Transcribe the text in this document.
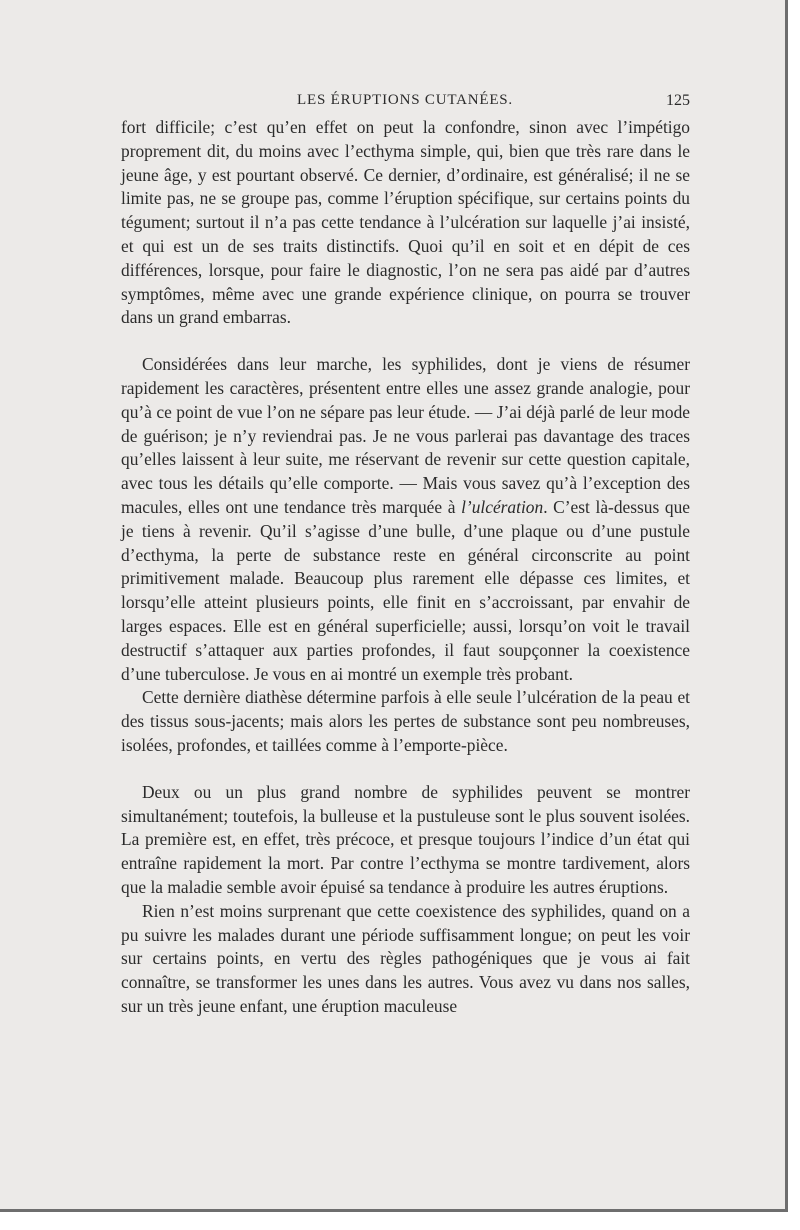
LES ÉRUPTIONS CUTANÉES.	125

fort difficile; c’est qu’en effet on peut la confondre, sinon avec l’impétigo proprement dit, du moins avec l’ecthyma simple, qui, bien que très rare dans le jeune âge, y est pourtant observé. Ce dernier, d’ordinaire, est généralisé; il ne se limite pas, ne se groupe pas, comme l’éruption spécifique, sur certains points du tégument; surtout il n’a pas cette tendance à l’ulcération sur laquelle j’ai insisté, et qui est un de ses traits distinctifs. Quoi qu’il en soit et en dépit de ces différences, lorsque, pour faire le diagnostic, l’on ne sera pas aidé par d’autres symptômes, même avec une grande expérience clinique, on pourra se trouver dans un grand embarras.

Considérées dans leur marche, les syphilides, dont je viens de résumer rapidement les caractères, présentent entre elles une assez grande analogie, pour qu’à ce point de vue l’on ne sépare pas leur étude. — J’ai déjà parlé de leur mode de guérison; je n’y reviendrai pas. Je ne vous parlerai pas davantage des traces qu’elles laissent à leur suite, me réservant de revenir sur cette question capitale, avec tous les détails qu’elle comporte. — Mais vous savez qu’à l’exception des macules, elles ont une tendance très marquée à l’ulcération. C’est là-dessus que je tiens à revenir. Qu’il s’agisse d’une bulle, d’une plaque ou d’une pustule d’ecthyma, la perte de substance reste en général circonscrite au point primitivement malade. Beaucoup plus rarement elle dépasse ces limites, et lorsqu’elle atteint plusieurs points, elle finit en s’accroissant, par envahir de larges espaces. Elle est en général superficielle; aussi, lorsqu’on voit le travail destructif s’attaquer aux parties profondes, il faut soupçonner la coexistence d’une tuberculose. Je vous en ai montré un exemple très probant.

Cette dernière diathèse détermine parfois à elle seule l’ulcération de la peau et des tissus sous-jacents; mais alors les pertes de substance sont peu nombreuses, isolées, profondes, et taillées comme à l’emporte-pièce.

Deux ou un plus grand nombre de syphilides peuvent se montrer simultanément; toutefois, la bulleuse et la pustuleuse sont le plus souvent isolées. La première est, en effet, très précoce, et presque toujours l’indice d’un état qui entraîne rapidement la mort. Par contre l’ecthyma se montre tardivement, alors que la maladie semble avoir épuisé sa tendance à produire les autres éruptions.

Rien n’est moins surprenant que cette coexistence des syphilides, quand on a pu suivre les malades durant une période suffisamment longue; on peut les voir sur certains points, en vertu des règles pathogéniques que je vous ai fait connaître, se transformer les unes dans les autres. Vous avez vu dans nos salles, sur un très jeune enfant, une éruption maculeuse
